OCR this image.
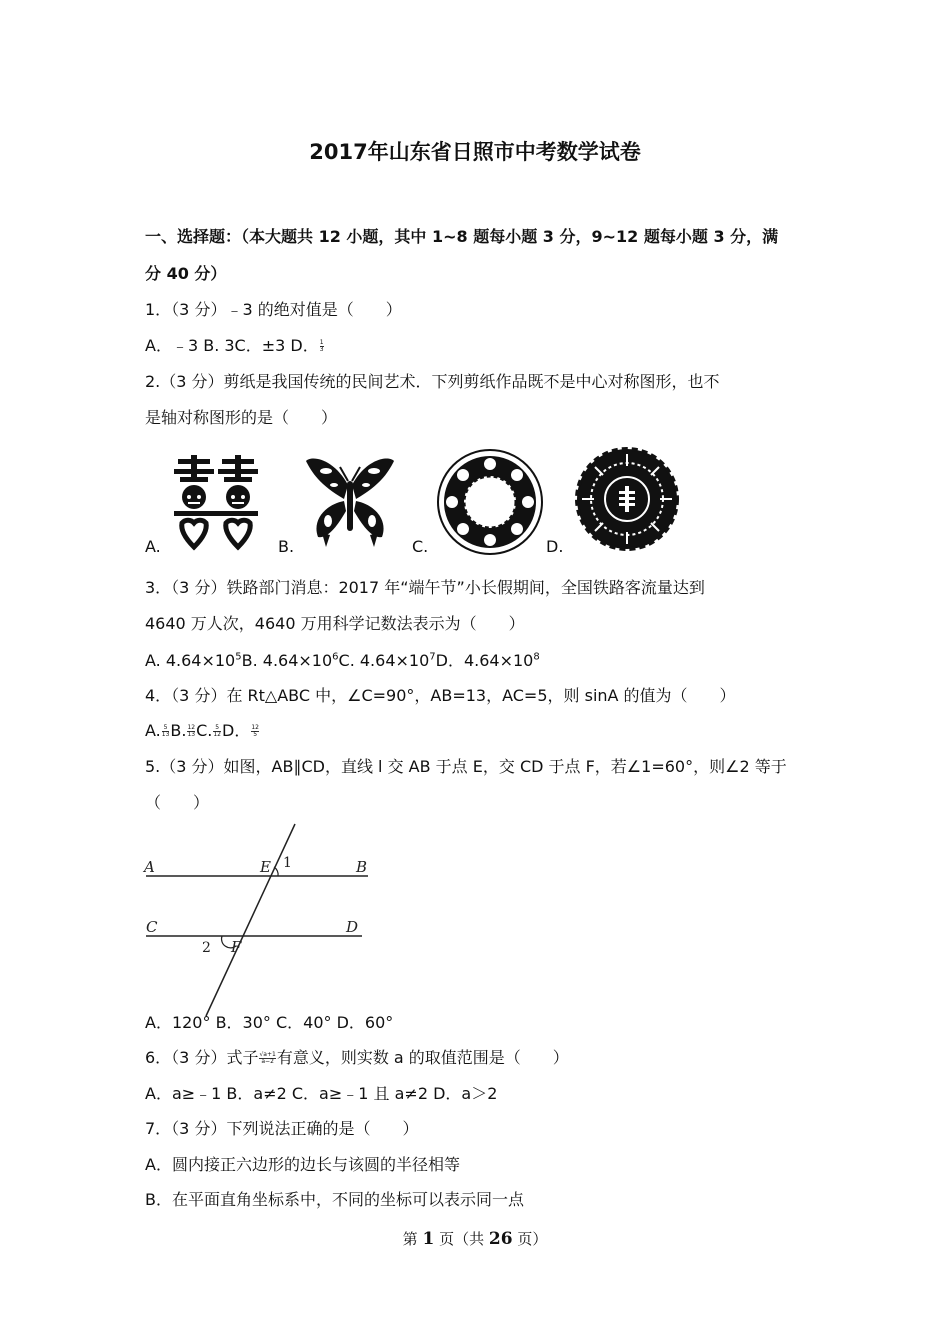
2017年山东省日照市中考数学试卷
一、选择题：（本大题共 12 小题，其中 1~8 题每小题 3 分，9~12 题每小题 3 分，满
分 40 分）
1．（3 分）﹣3 的绝对值是（　　）
A．﹣3 B. 3C．±3 D． $\frac{1}{3}$
2.（3 分）剪纸是我国传统的民间艺术．下列剪纸作品既不是中心对称图形，也不
是轴对称图形的是（　　）
A.	B.	C.	D.
3．（3 分）铁路部门消息：2017 年“端午节”小长假期间，全国铁路客流量达到
4640 万人次，4640 万用科学记数法表示为（　　）
A. $4.64\times 10^5B$. $4.64\times 10^6C$. $4.64\times 10^7D$．$4.64\times 10^8$
4．（3 分）在 Rt△ABC 中，∠C=90°，AB=13，AC=5，则 sinA 的值为（　　）
A. $\frac{5}{13} B$. $\frac{12}{13} C$. $\frac{5}{12}$ D． $\frac{12}{5}$
5.（3 分）如图，AB∥CD，直线 l 交 AB 于点 E，交 CD 于点 F，若∠1=60°，则∠2 等于
（　　）
A	B
C	D
E
F
1
2
A．120° B．30° C．40° D．60°
6．（3 分）式子 $\frac{√a+1}{a-2}$ 有意义，则实数 a 的取值范围是（　　）
A．a≥﹣1 B．a≠2 C．a≥﹣1 且 a≠2 D．a＞2
7．（3 分）下列说法正确的是（　　）
A．圆内接正六边形的边长与该圆的半径相等
B．在平面直角坐标系中，不同的坐标可以表示同一点
第 1 页（共 26 页）
